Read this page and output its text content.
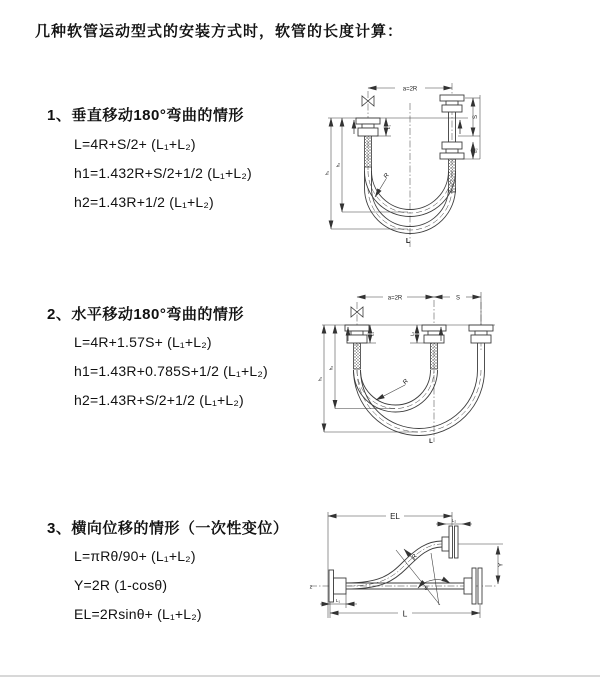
几种软管运动型式的安装方式时，软管的长度计算：
1、垂直移动180°弯曲的情形
L=4R+S/2+ (L₁+L₂)
h1=1.432R+S/2+1/2 (L₁+L₂)
h2=1.43R+1/2 (L₁+L₂)
2、水平移动180°弯曲的情形
L=4R+1.57S+ (L₁+L₂)
h1=1.43R+0.785S+1/2 (L₁+L₂)
h2=1.43R+S/2+1/2 (L₁+L₂)
3、横向位移的情形（一次性变位）
L=πRθ/90+ (L₁+L₂)
Y=2R (1-cosθ)
EL=2Rsinθ+ (L₁+L₂)
a=2R
L₁
S
L₂
h₂
h₁	R
L
a=2R	S
L₁	L₂
h₂
h₁	R
L
EL
L₂
Y
L
L₁
θ
R
z
